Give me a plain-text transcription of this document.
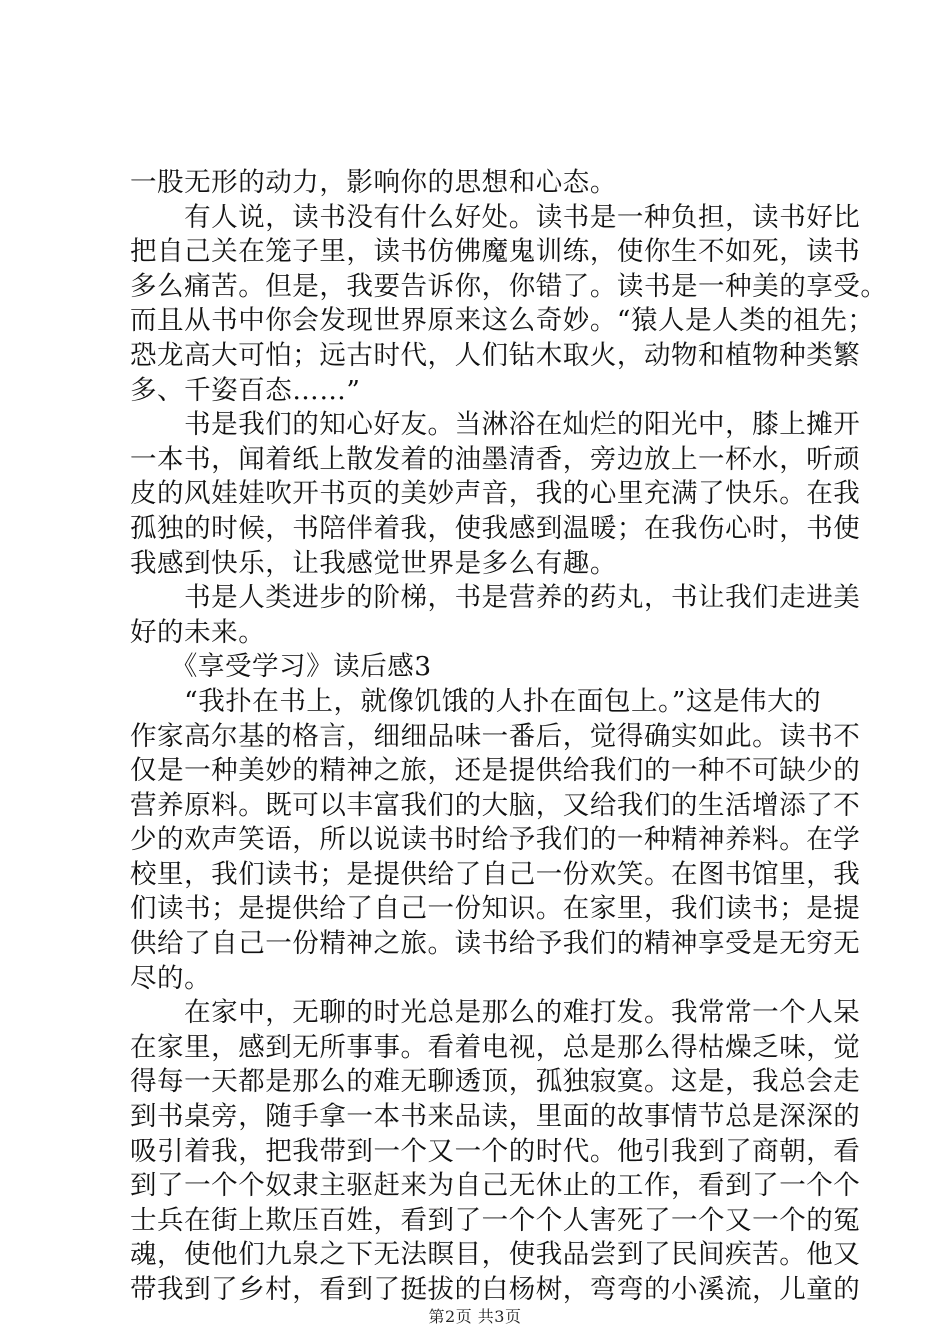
一股无形的动力，影响你的思想和心态。
　　有人说，读书没有什么好处。读书是一种负担，读书好比
把自己关在笼子里，读书仿佛魔鬼训练，使你生不如死，读书
多么痛苦。但是，我要告诉你，你错了。读书是一种美的享受。
而且从书中你会发现世界原来这么奇妙。“猿人是人类的祖先；
恐龙高大可怕；远古时代，人们钻木取火，动物和植物种类繁
多、千姿百态……”
　　书是我们的知心好友。当淋浴在灿烂的阳光中，膝上摊开
一本书，闻着纸上散发着的油墨清香，旁边放上一杯水，听顽
皮的风娃娃吹开书页的美妙声音，我的心里充满了快乐。在我
孤独的时候，书陪伴着我，使我感到温暖；在我伤心时，书使
我感到快乐，让我感觉世界是多么有趣。
　　书是人类进步的阶梯，书是营养的药丸，书让我们走进美
好的未来。
　　《享受学习》读后感3
　　“我扑在书上，就像饥饿的人扑在面包上。”这是伟大的
作家高尔基的格言，细细品味一番后，觉得确实如此。读书不
仅是一种美妙的精神之旅，还是提供给我们的一种不可缺少的
营养原料。既可以丰富我们的大脑，又给我们的生活增添了不
少的欢声笑语，所以说读书时给予我们的一种精神养料。在学
校里，我们读书；是提供给了自己一份欢笑。在图书馆里，我
们读书；是提供给了自己一份知识。在家里，我们读书；是提
供给了自己一份精神之旅。读书给予我们的精神享受是无穷无
尽的。
　　在家中，无聊的时光总是那么的难打发。我常常一个人呆
在家里，感到无所事事。看着电视，总是那么得枯燥乏味，觉
得每一天都是那么的难无聊透顶，孤独寂寞。这是，我总会走
到书桌旁，随手拿一本书来品读，里面的故事情节总是深深的
吸引着我，把我带到一个又一个的时代。他引我到了商朝，看
到了一个个奴隶主驱赶来为自己无休止的工作，看到了一个个
士兵在街上欺压百姓，看到了一个个人害死了一个又一个的冤
魂，使他们九泉之下无法瞑目，使我品尝到了民间疾苦。他又
带我到了乡村，看到了挺拔的白杨树，弯弯的小溪流，儿童的
第2页 共3页
